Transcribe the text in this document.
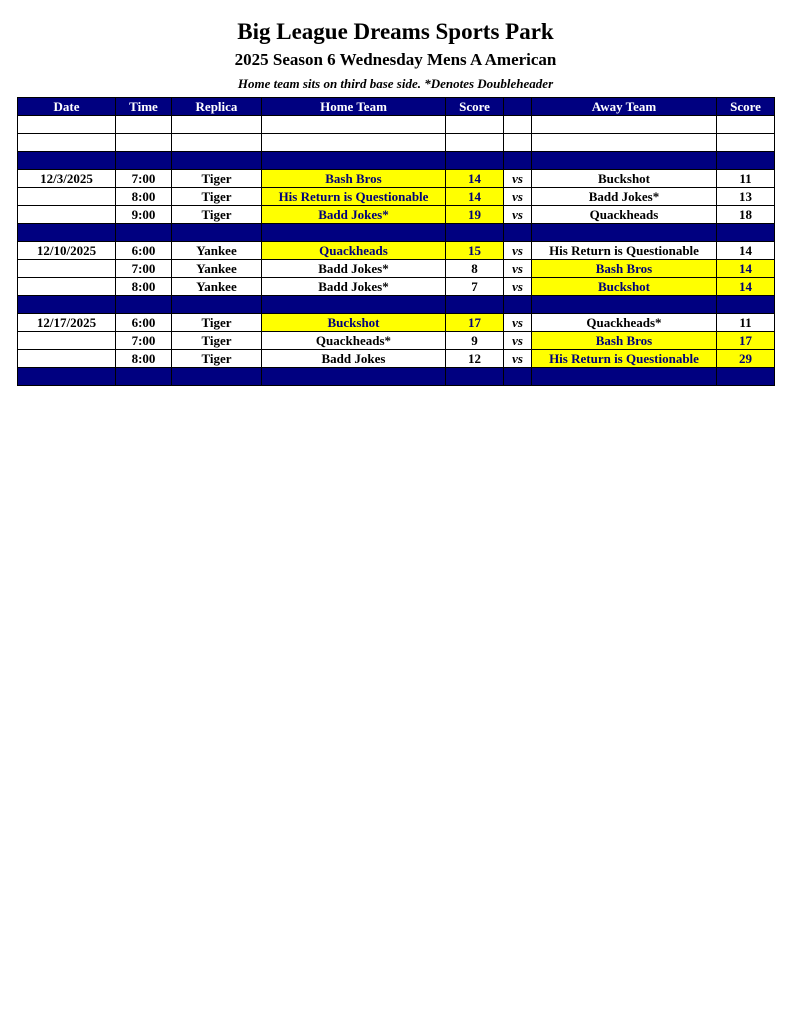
Big League Dreams Sports Park
2025 Season 6 Wednesday Mens A American
Home team sits on third base side. *Denotes Doubleheader
Date	Time	Replica	Home Team	Score		Away Team	Score

12/3/2025	7:00	Tiger	Bash Bros	14	vs	Buckshot	11
	8:00	Tiger	His Return is Questionable	14	vs	Badd Jokes*	13
	9:00	Tiger	Badd Jokes*	19	vs	Quackheads	18

12/10/2025	6:00	Yankee	Quackheads	15	vs	His Return is Questionable	14
	7:00	Yankee	Badd Jokes*	8	vs	Bash Bros	14
	8:00	Yankee	Badd Jokes*	7	vs	Buckshot	14

12/17/2025	6:00	Tiger	Buckshot	17	vs	Quackheads*	11
	7:00	Tiger	Quackheads*	9	vs	Bash Bros	17
	8:00	Tiger	Badd Jokes	12	vs	His Return is Questionable	29
